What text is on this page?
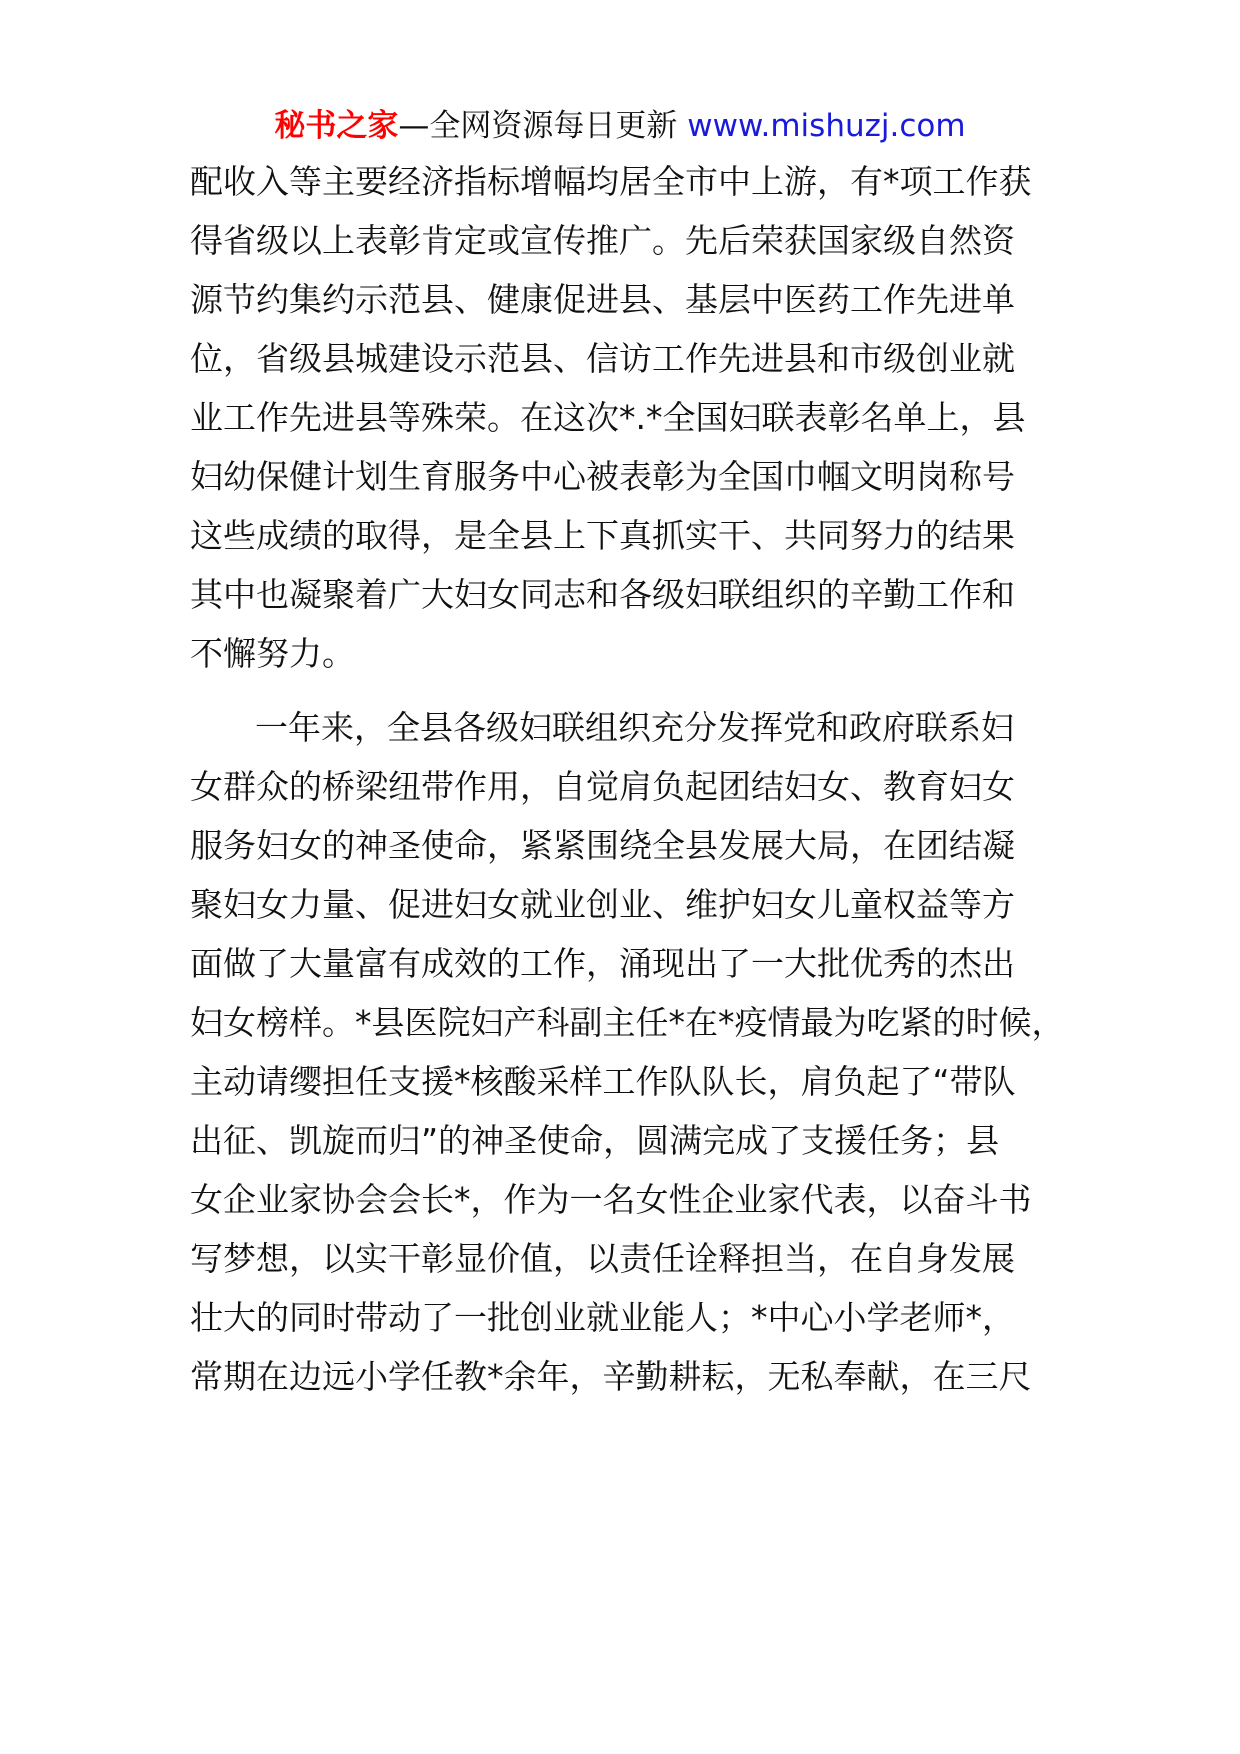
秘书之家—全网资源每日更新 www.mishuzj.com
配收入等主要经济指标增幅均居全市中上游，有*项工作获
得省级以上表彰肯定或宣传推广。先后荣获国家级自然资
源节约集约示范县、健康促进县、基层中医药工作先进单
位，省级县城建设示范县、信访工作先进县和市级创业就
业工作先进县等殊荣。在这次*.*全国妇联表彰名单上，县
妇幼保健计划生育服务中心被表彰为全国巾帼文明岗称号
这些成绩的取得，是全县上下真抓实干、共同努力的结果
其中也凝聚着广大妇女同志和各级妇联组织的辛勤工作和
不懈努力。
一年来，全县各级妇联组织充分发挥党和政府联系妇
女群众的桥梁纽带作用，自觉肩负起团结妇女、教育妇女
服务妇女的神圣使命，紧紧围绕全县发展大局，在团结凝
聚妇女力量、促进妇女就业创业、维护妇女儿童权益等方
面做了大量富有成效的工作，涌现出了一大批优秀的杰出
妇女榜样。*县医院妇产科副主任*在*疫情最为吃紧的时候，
主动请缨担任支援*核酸采样工作队队长，肩负起了“带队
出征、凯旋而归”的神圣使命，圆满完成了支援任务；县
女企业家协会会长*，作为一名女性企业家代表，以奋斗书
写梦想，以实干彰显价值，以责任诠释担当，在自身发展
壮大的同时带动了一批创业就业能人；*中心小学老师*，
常期在边远小学任教*余年，辛勤耕耘，无私奉献，在三尺
